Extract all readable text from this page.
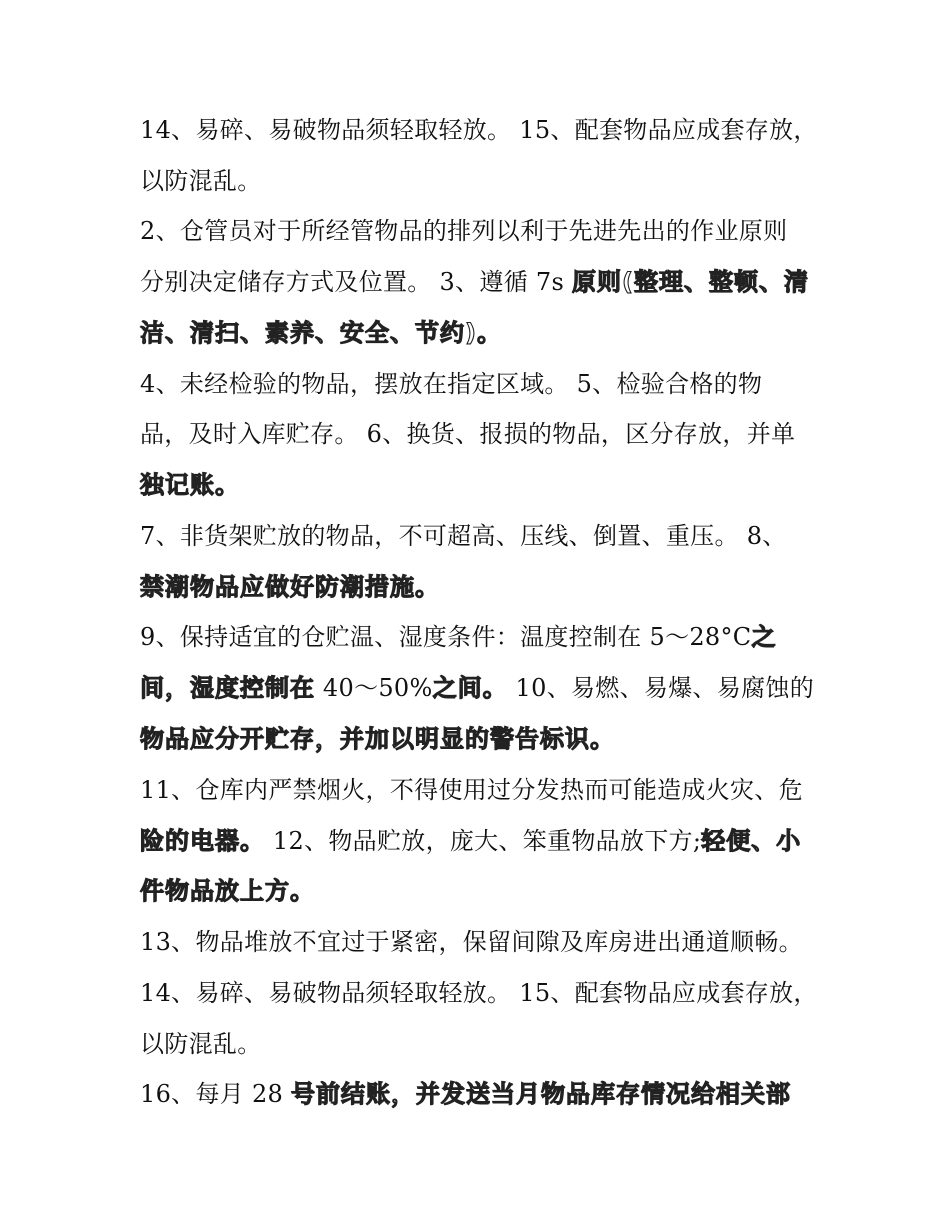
14、易碎、易破物品须轻取轻放。 15、配套物品应成套存放，
以防混乱。
2、仓管员对于所经管物品的排列以利于先进先出的作业原则
分别决定储存方式及位置。 3、遵循 7s 原则(整理、整顿、清
洁、清扫、素养、安全、节约)。
4、未经检验的物品，摆放在指定区域。 5、检验合格的物
品，及时入库贮存。 6、换货、报损的物品，区分存放，并单
独记账。
7、非货架贮放的物品，不可超高、压线、倒置、重压。 8、
禁潮物品应做好防潮措施。
9、保持适宜的仓贮温、湿度条件：温度控制在 5～28°C之
间，湿度控制在 40～50%之间。 10、易燃、易爆、易腐蚀的
物品应分开贮存，并加以明显的警告标识。
11、仓库内严禁烟火，不得使用过分发热而可能造成火灾、危
险的电器。 12、物品贮放，庞大、笨重物品放下方;轻便、小
件物品放上方。
13、物品堆放不宜过于紧密，保留间隙及库房进出通道顺畅。
14、易碎、易破物品须轻取轻放。 15、配套物品应成套存放，
以防混乱。
16、每月 28 号前结账，并发送当月物品库存情况给相关部
